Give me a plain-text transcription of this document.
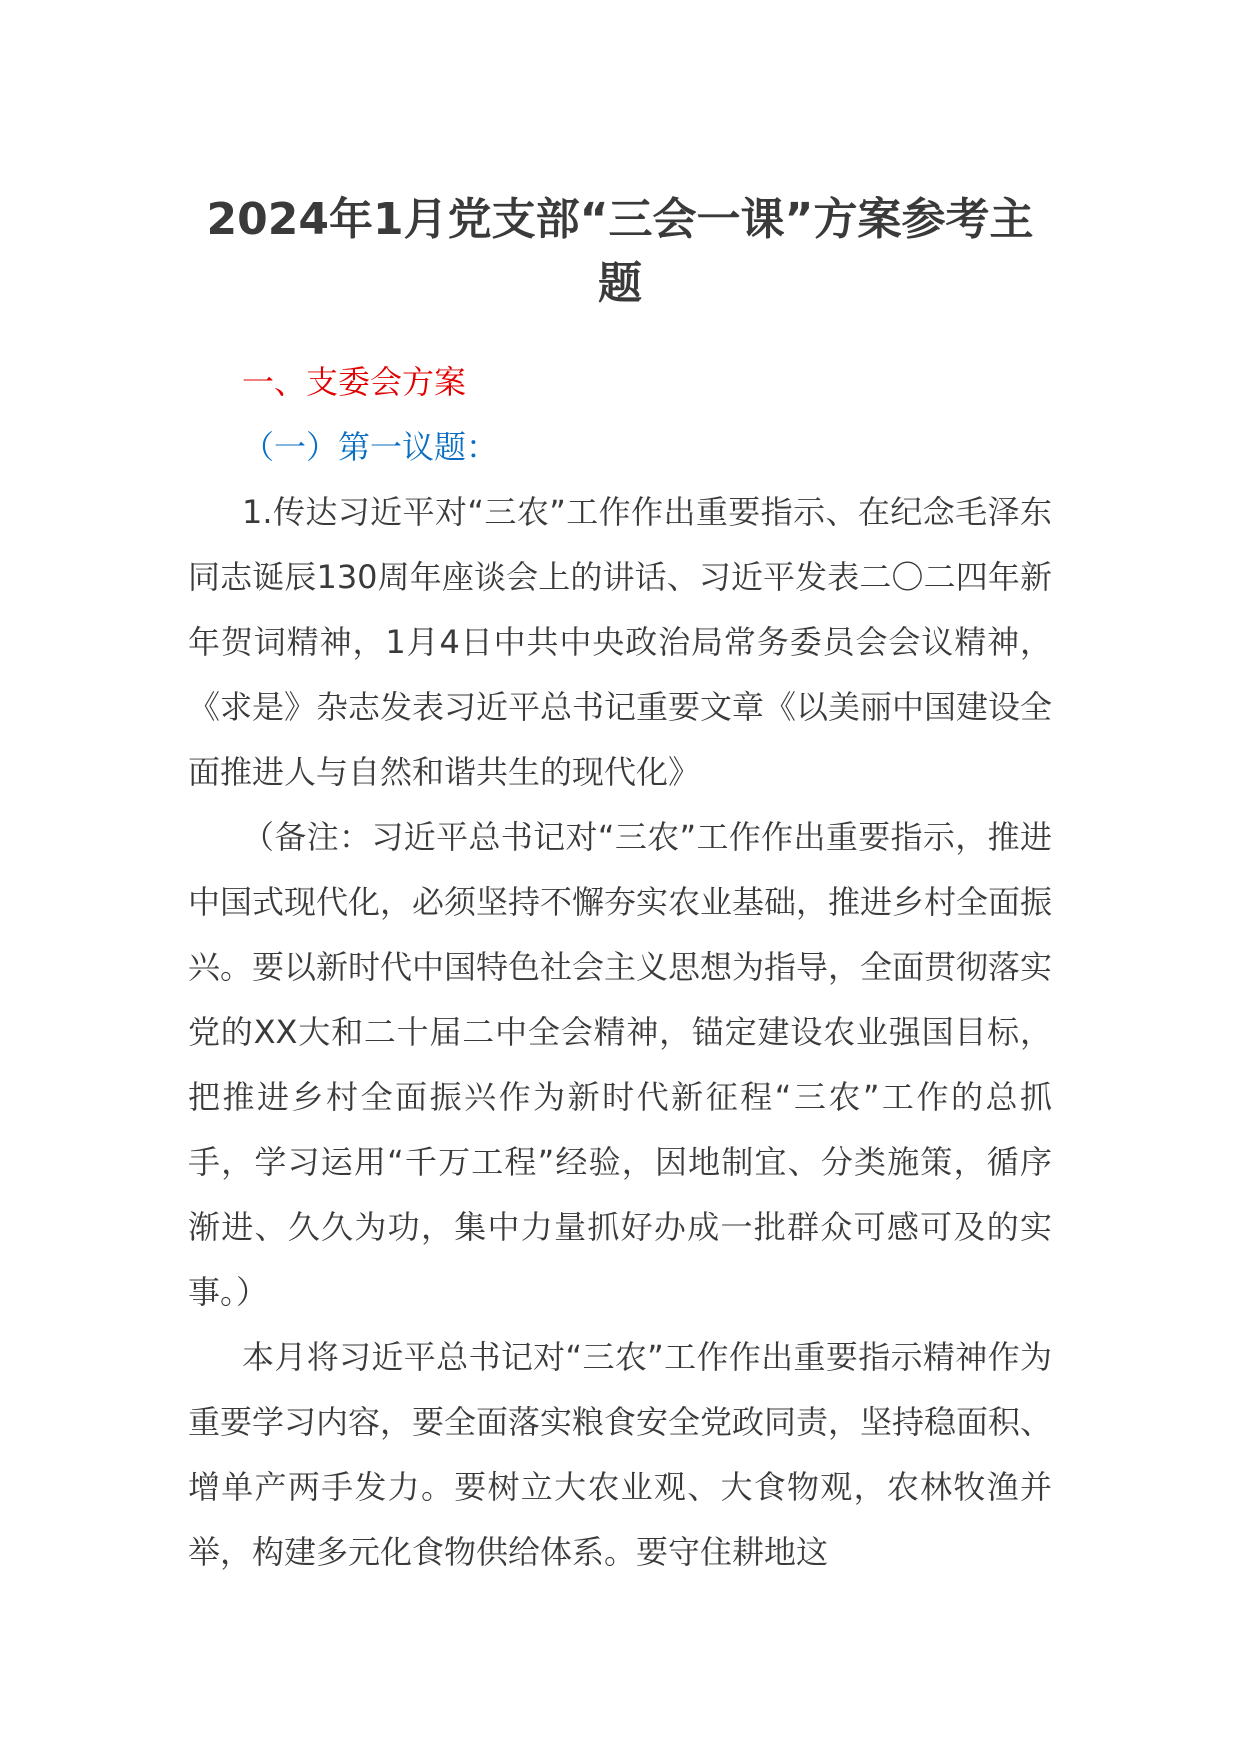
2024年1月党支部“三会一课”方案参考主题

一、支委会方案

（一）第一议题：

1.传达习近平对“三农”工作作出重要指示、在纪念毛泽东同志诞辰130周年座谈会上的讲话、习近平发表二〇二四年新年贺词精神，1月4日中共中央政治局常务委员会会议精神，《求是》杂志发表习近平总书记重要文章《以美丽中国建设全面推进人与自然和谐共生的现代化》

（备注：习近平总书记对“三农”工作作出重要指示，推进中国式现代化，必须坚持不懈夯实农业基础，推进乡村全面振兴。要以新时代中国特色社会主义思想为指导，全面贯彻落实党的XX大和二十届二中全会精神，锚定建设农业强国目标，把推进乡村全面振兴作为新时代新征程“三农”工作的总抓手，学习运用“千万工程”经验，因地制宜、分类施策，循序渐进、久久为功，集中力量抓好办成一批群众可感可及的实事。）

本月将习近平总书记对“三农”工作作出重要指示精神作为重要学习内容，要全面落实粮食安全党政同责，坚持稳面积、增单产两手发力。要树立大农业观、大食物观，农林牧渔并举，构建多元化食物供给体系。要守住耕地这
